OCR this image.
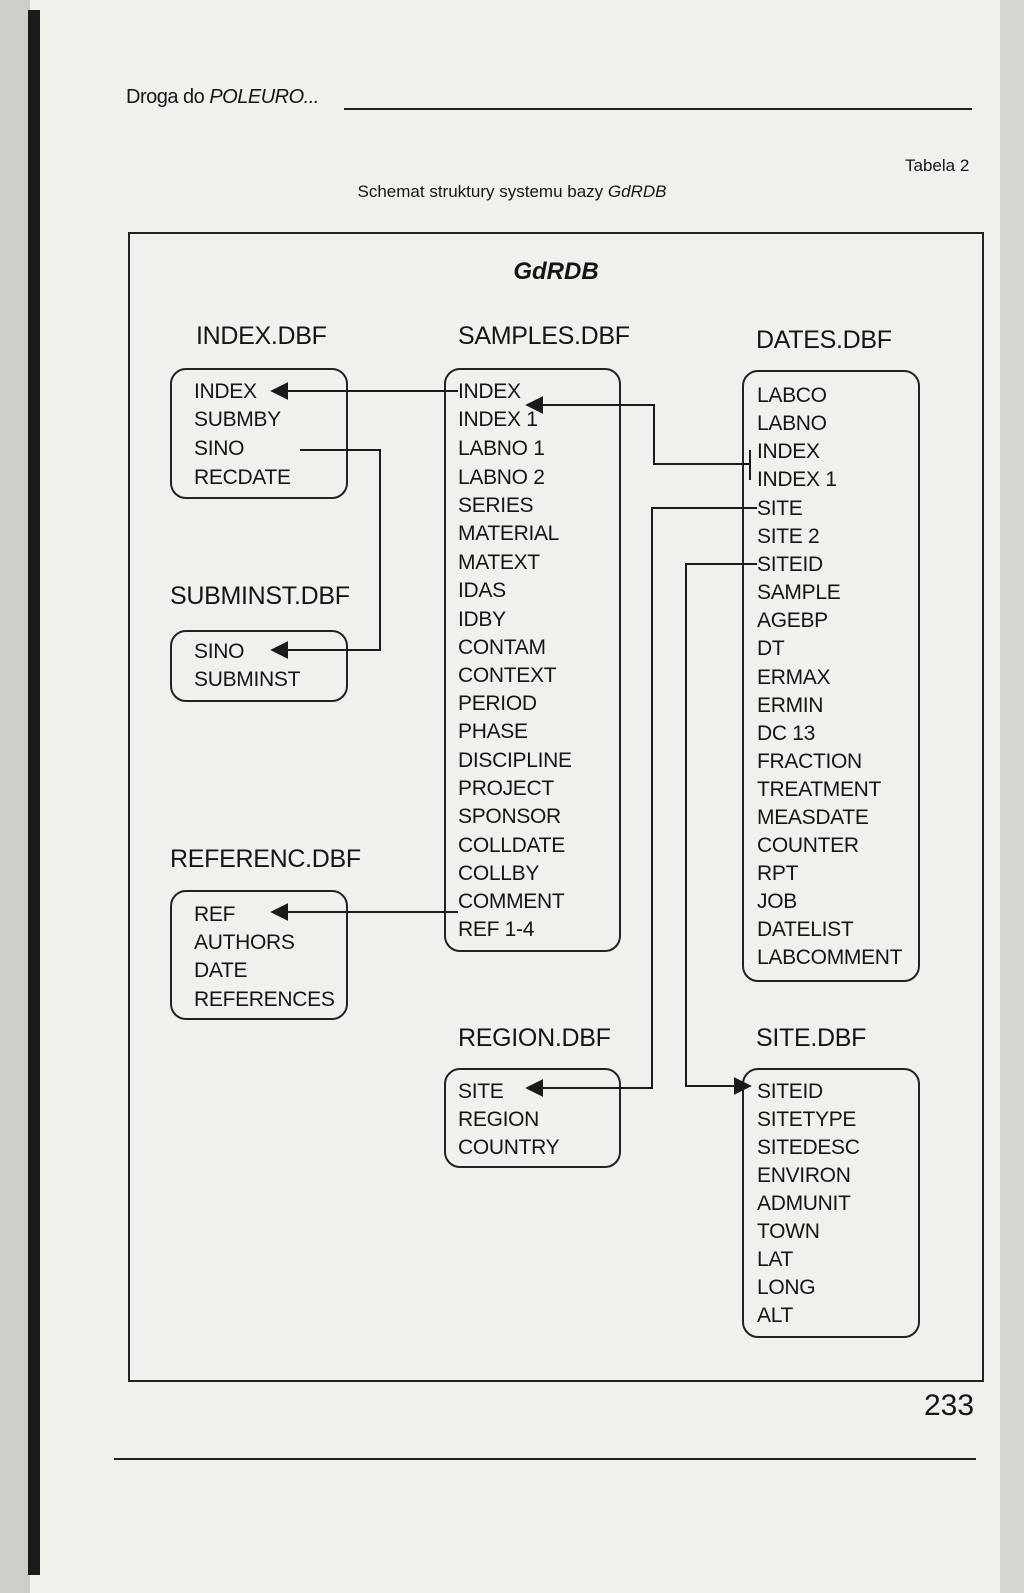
Droga do POLEURO...
Tabela 2
Schemat struktury systemu bazy GdRDB
GdRDB
INDEX.DBF	SAMPLES.DBF	DATES.DBF
SUBMINST.DBF
REFERENC.DBF
REGION.DBF	SITE.DBF
INDEX
SUBMBY
SINO
RECDATE
SINO
SUBMINST
REF
AUTHORS
DATE
REFERENCES
INDEX
INDEX 1
LABNO 1
LABNO 2
SERIES
MATERIAL
MATEXT
IDAS
IDBY
CONTAM
CONTEXT
PERIOD
PHASE
DISCIPLINE
PROJECT
SPONSOR
COLLDATE
COLLBY
COMMENT
REF 1-4
SITE
REGION
COUNTRY
LABCO
LABNO
INDEX
INDEX 1
SITE
SITE 2
SITEID
SAMPLE
AGEBP
DT
ERMAX
ERMIN
DC 13
FRACTION
TREATMENT
MEASDATE
COUNTER
RPT
JOB
DATELIST
LABCOMMENT
SITEID
SITETYPE
SITEDESC
ENVIRON
ADMUNIT
TOWN
LAT
LONG
ALT
233
